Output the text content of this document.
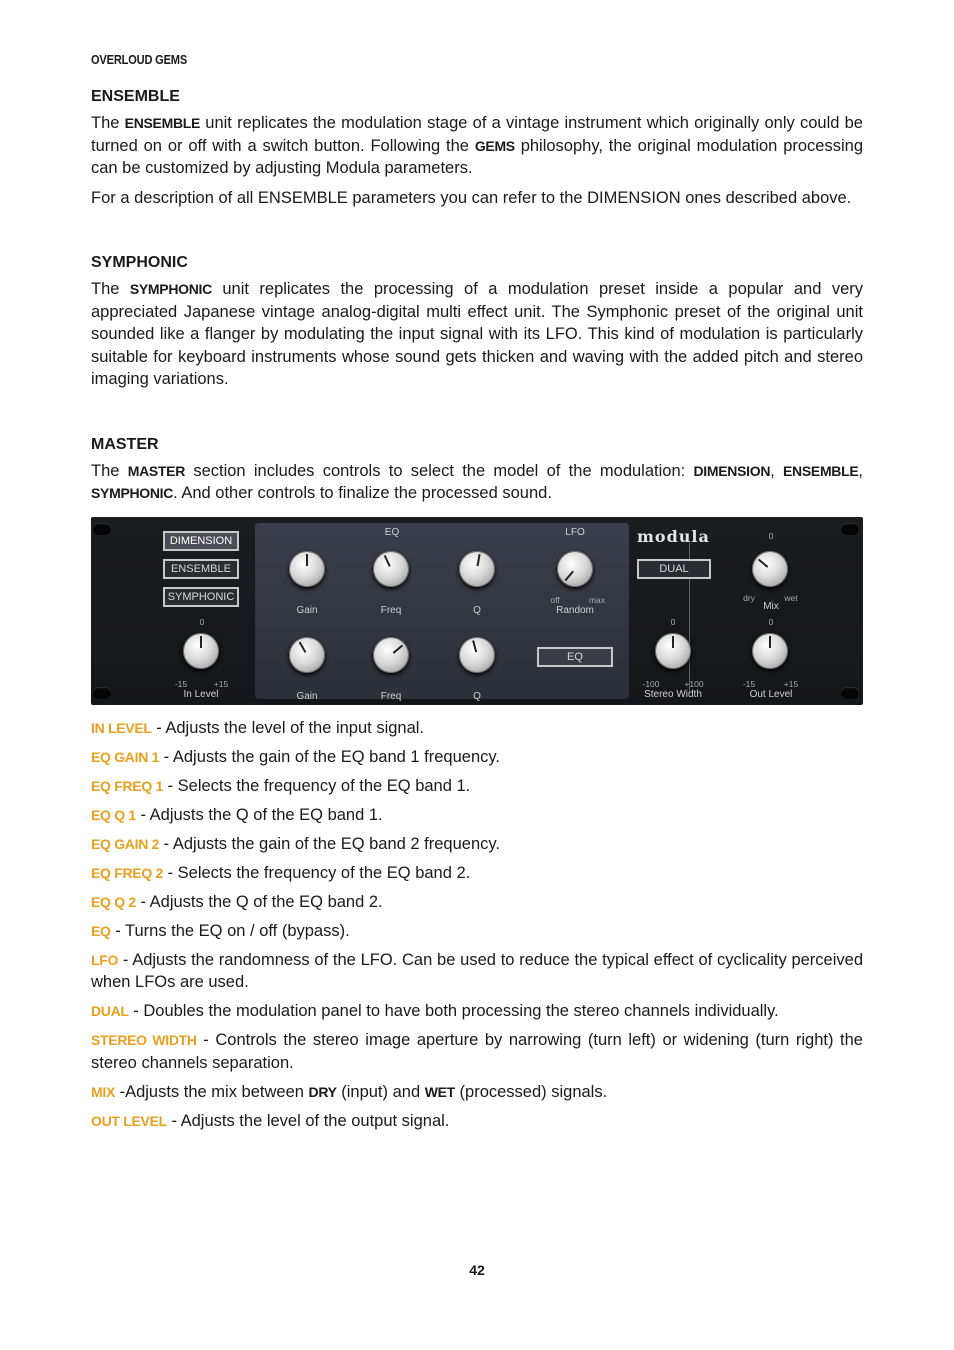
OVERLOUD GEMS
ENSEMBLE

The ENSEMBLE unit replicates the modulation stage of a vintage instrument which originally only could be turned on or off with a switch button. Following the GEMS philosophy, the original modulation processing can be customized by adjusting Modula parameters.

For a description of all ENSEMBLE parameters you can refer to the DIMENSION ones described above.

SYMPHONIC

The SYMPHONIC unit replicates the processing of a modulation preset inside a popular and very appreciated Japanese vintage analog-digital multi effect unit. The Symphonic preset of the original unit sounded like a flanger by modulating the input signal with its LFO. This kind of modulation is particularly suitable for keyboard instruments whose sound gets thicken and waving with the added pitch and stereo imaging variations.

MASTER

The MASTER section includes controls to select the model of the modulation: DIMENSION, ENSEMBLE, SYMPHONIC. And other controls to finalize the processed sound.

DIMENSION
ENSEMBLE
SYMPHONIC
0
-15	+15
In Level
EQ	LFO
Gain	Freq	Q
Gain	Freq	Q
off	max
Random
EQ
modula
DUAL
0
-100	+100
Stereo Width
0
dry	wet
Mix
0
-15	+15
Out Level

IN LEVEL - Adjusts the level of the input signal.

EQ GAIN 1 - Adjusts the gain of the EQ band 1 frequency.

EQ FREQ 1 - Selects the frequency of the EQ band 1.

EQ Q 1 - Adjusts the Q of the EQ band 1.

EQ GAIN 2 - Adjusts the gain of the EQ band 2 frequency.

EQ FREQ 2 - Selects the frequency of the EQ band 2.

EQ Q 2 - Adjusts the Q of the EQ band 2.

EQ - Turns the EQ on / off (bypass).

LFO - Adjusts the randomness of the LFO. Can be used to reduce the typical effect of cyclicality perceived when LFOs are used.

DUAL - Doubles the modulation panel to have both processing the stereo channels individually.

STEREO WIDTH - Controls the stereo image aperture by narrowing (turn left) or widening (turn right) the stereo channels separation.

MIX -Adjusts the mix between DRY (input) and WET (processed) signals.

OUT LEVEL - Adjusts the level of the output signal.

42
